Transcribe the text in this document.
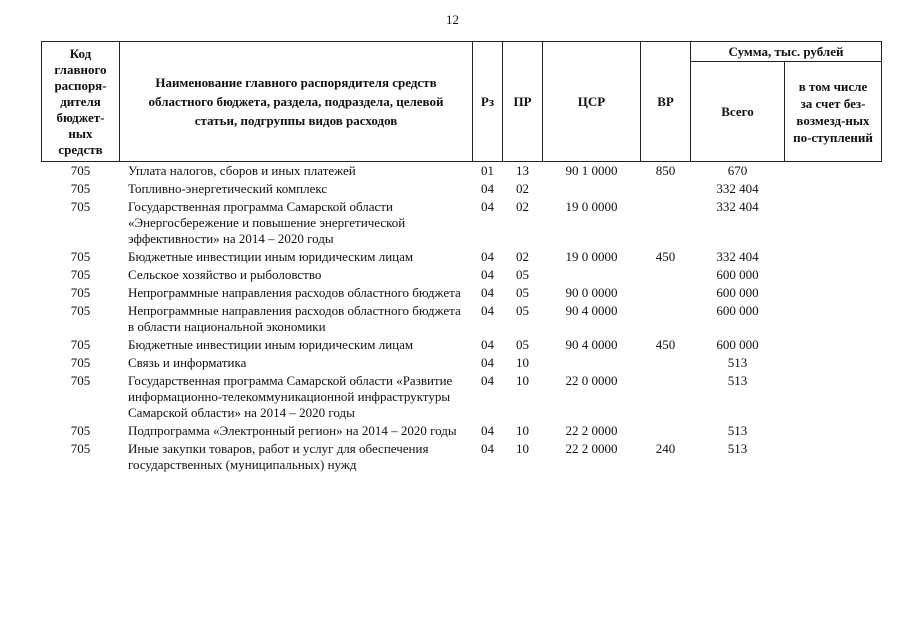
12
Код главного распоря-дителя бюджет-ных средств	Наименование главного распорядителя средств областного бюджета, раздела, подраздела, целевой статьи, подгруппы видов расходов	Рз	ПР	ЦСР	ВР	Сумма, тыс. рублей	
						Всего	в том числе за счет без-возмезд-ных по-ступлений

705	Уплата налогов, сборов и иных платежей	01	13	90 1 0000	850	670	
705	Топливно-энергетический комплекс	04	02			332 404	
705	Государственная программа Самарской области «Энергосбережение и повышение энергетической эффективности» на 2014 – 2020 годы	04	02	19 0 0000		332 404	
705	Бюджетные инвестиции иным юридическим лицам	04	02	19 0 0000	450	332 404	
705	Сельское хозяйство и рыболовство	04	05			600 000	
705	Непрограммные направления расходов областного бюджета	04	05	90 0 0000		600 000	
705	Непрограммные направления расходов областного бюджета в области национальной экономики	04	05	90 4 0000		600 000	
705	Бюджетные инвестиции иным юридическим лицам	04	05	90 4 0000	450	600 000	
705	Связь и информатика	04	10			513	
705	Государственная программа Самарской области «Развитие информационно-телекоммуникационной инфраструктуры Самарской области» на 2014 – 2020 годы	04	10	22 0 0000		513	
705	Подпрограмма «Электронный регион» на 2014 – 2020 годы	04	10	22 2 0000		513	
705	Иные закупки товаров, работ и услуг для обеспечения государственных (муниципальных) нужд	04	10	22 2 0000	240	513	
